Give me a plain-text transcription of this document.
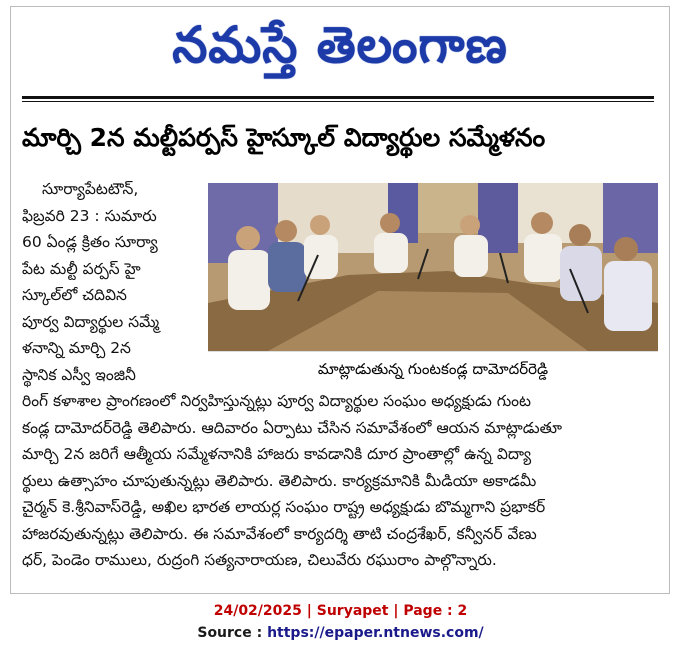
నమస్తే తెలంగాణ
మార్చి 2న మల్టీపర్పస్ హైస్కూల్ విద్యార్థుల సమ్మేళనం
సూర్యాపేటటౌన్,
ఫిబ్రవరి 23 : సుమారు
60 ఏండ్ల క్రితం సూర్యా
పేట మల్టీ పర్పస్ హై
స్కూల్‌లో చదివిన
పూర్వ విద్యార్థుల సమ్మే
ళనాన్ని మార్చి 2న
స్థానిక ఎస్వీ ఇంజినీ	మాట్లాడుతున్న గుంటకండ్ల దామోదర్‌రెడ్డి
రింగ్ కళాశాల ప్రాంగణంలో నిర్వహిస్తున్నట్లు పూర్వ విద్యార్థుల సంఘం అధ్యక్షుడు గుంట
కండ్ల దామోదర్‌రెడ్డి తెలిపారు. ఆదివారం ఏర్పాటు చేసిన సమావేశంలో ఆయన మాట్లాడుతూ
మార్చి 2న జరిగే ఆత్మీయ సమ్మేళనానికి హాజరు కావడానికి దూర ప్రాంతాల్లో ఉన్న విద్యా
ర్థులు ఉత్సాహం చూపుతున్నట్లు తెలిపారు. తెలిపారు. కార్యక్రమానికి మీడియా అకాడమీ
చైర్మన్ కె.శ్రీనివాస్‌రెడ్డి, అఖిల భారత లాయర్ల సంఘం రాష్ట్ర అధ్యక్షుడు బొమ్మగాని ప్రభాకర్
హాజరవుతున్నట్లు తెలిపారు. ఈ సమావేశంలో కార్యదర్శి తాటి చంద్రశేఖర్, కన్వీనర్ వేణు
ధర్, పెండెం రాములు, రుద్రంగి సత్యనారాయణ, చిలువేరు రఘురాం పాల్గొన్నారు.
24/02/2025 | Suryapet | Page : 2
Source : https://epaper.ntnews.com/
